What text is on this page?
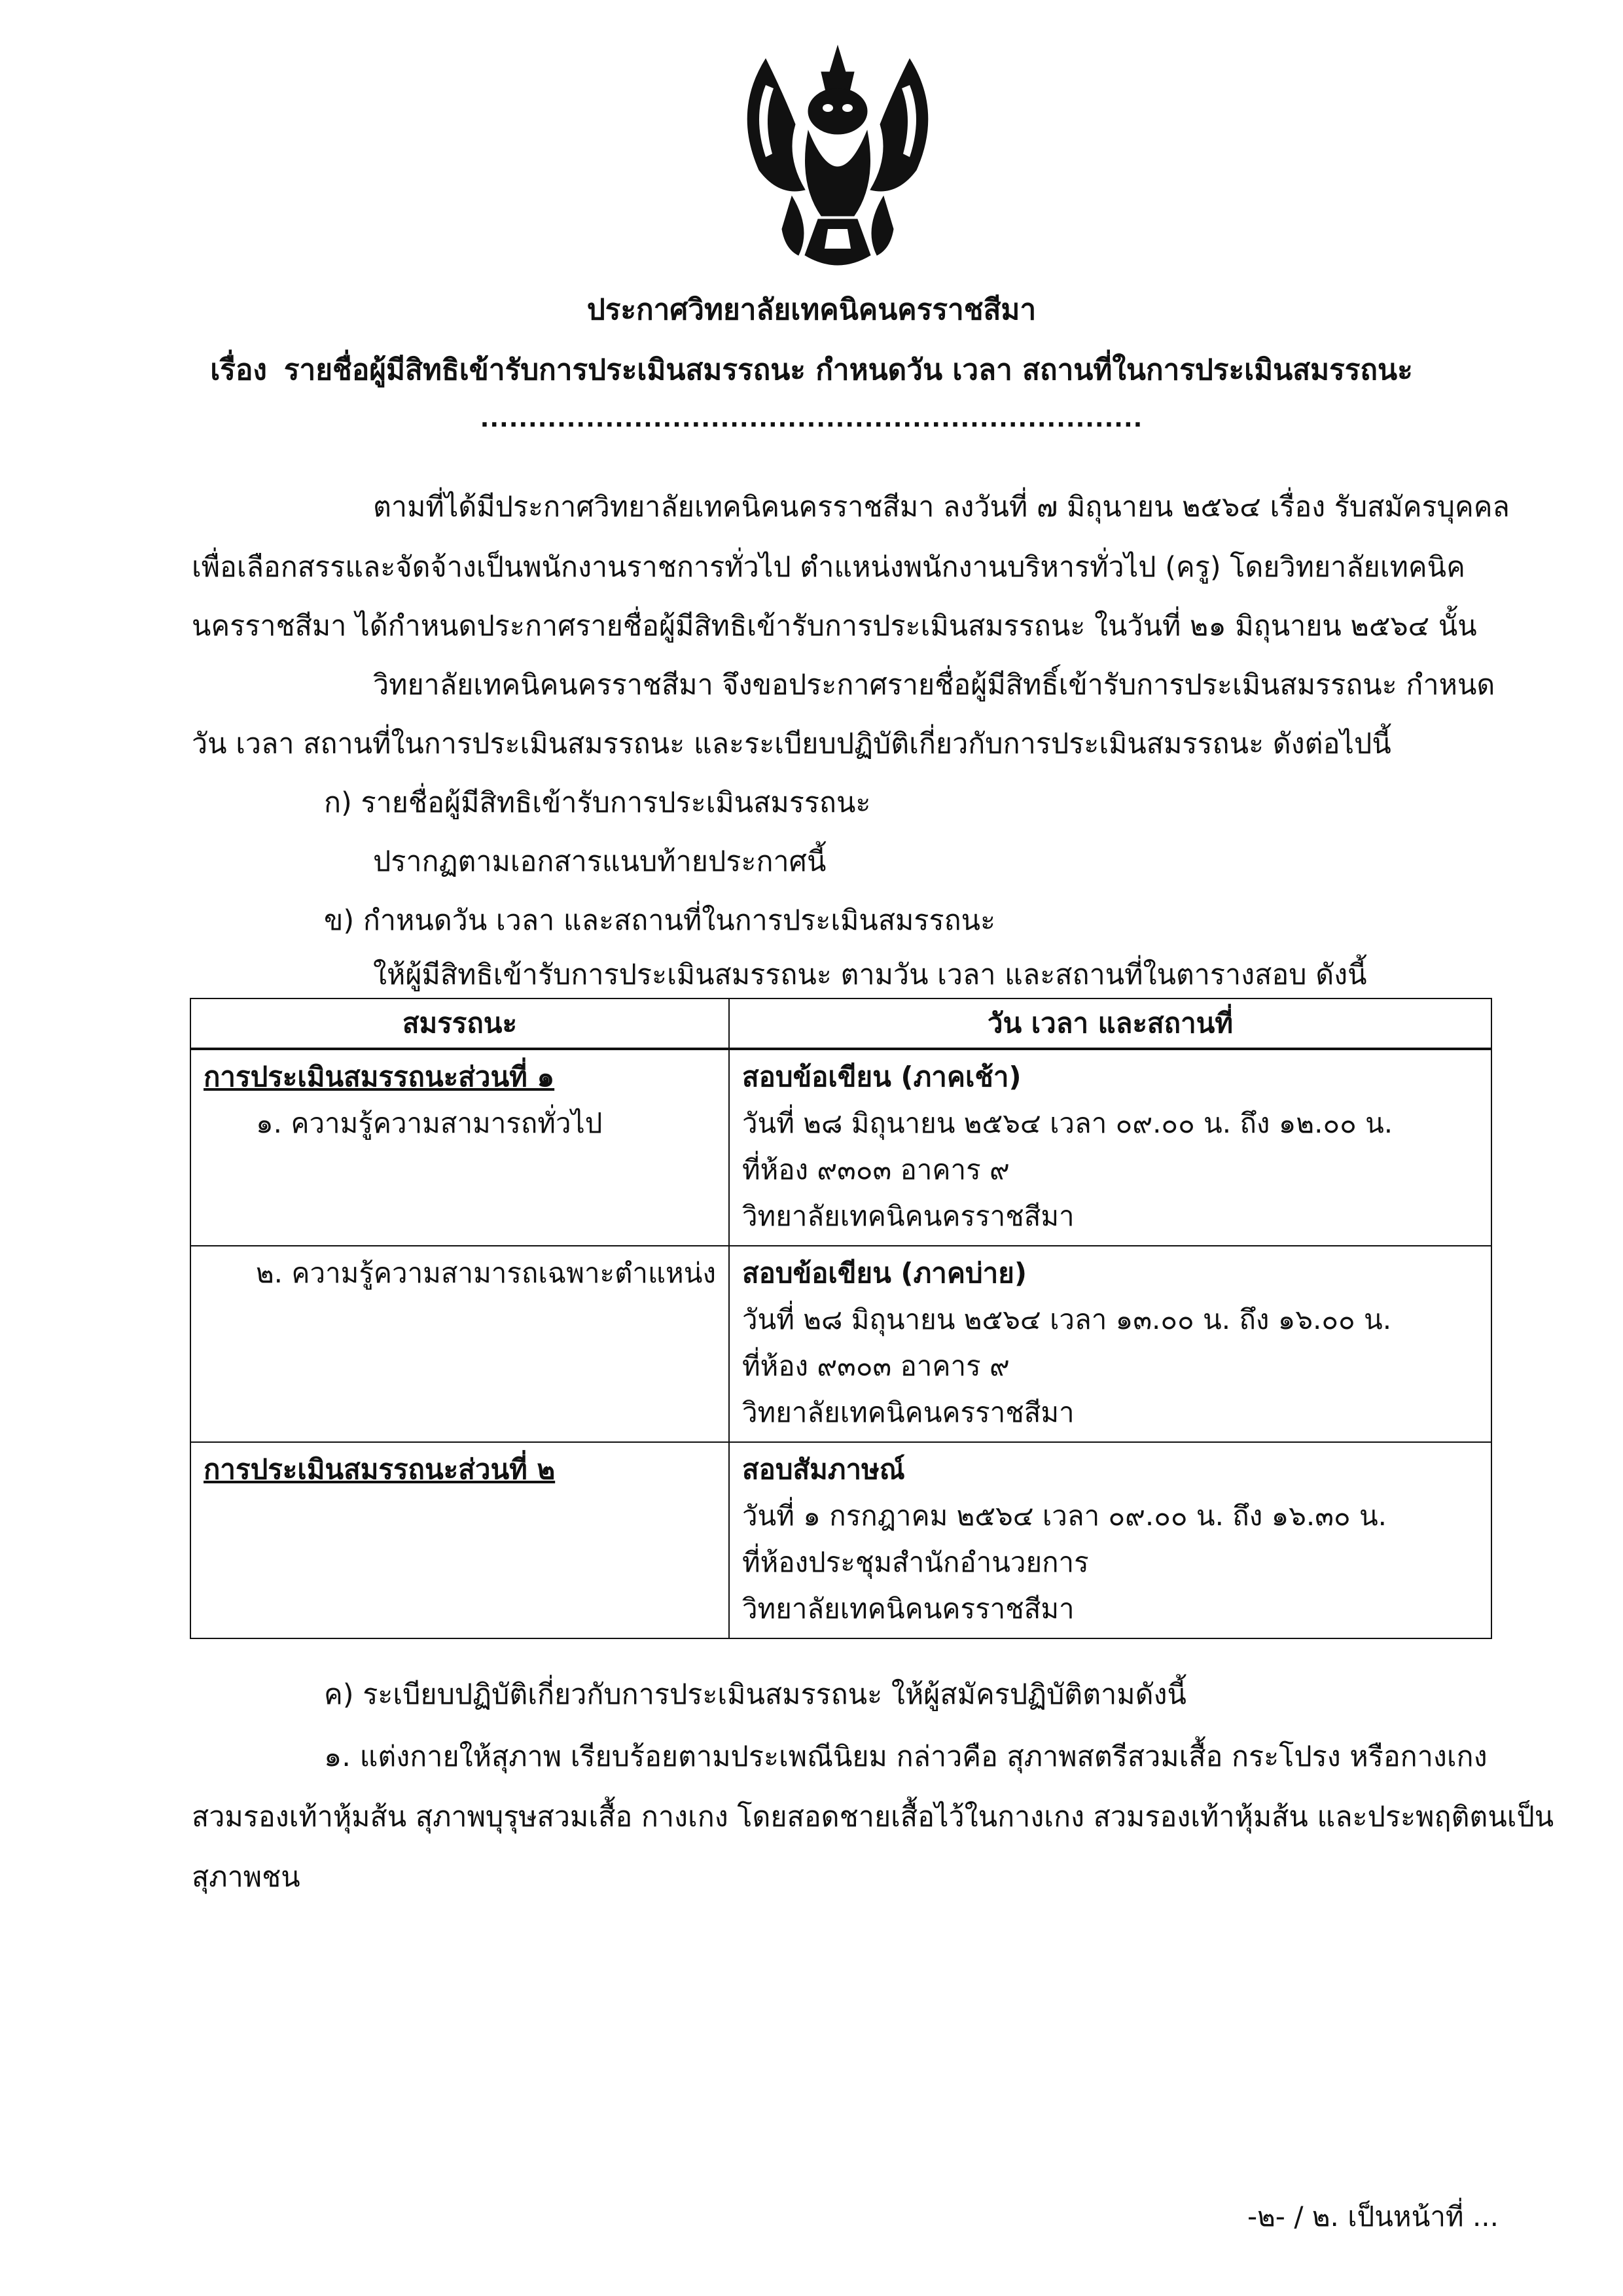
ประกาศวิทยาลัยเทคนิคนครราชสีมา
เรื่อง รายชื่อผู้มีสิทธิเข้ารับการประเมินสมรรถนะ กำหนดวัน เวลา สถานที่ในการประเมินสมรรถนะ
.....................................................................
ตามที่ได้มีประกาศวิทยาลัยเทคนิคนครราชสีมา ลงวันที่ ๗ มิถุนายน ๒๕๖๔ เรื่อง รับสมัครบุคคล
เพื่อเลือกสรรและจัดจ้างเป็นพนักงานราชการทั่วไป ตำแหน่งพนักงานบริหารทั่วไป (ครู) โดยวิทยาลัยเทคนิค
นครราชสีมา ได้กำหนดประกาศรายชื่อผู้มีสิทธิเข้ารับการประเมินสมรรถนะ ในวันที่ ๒๑ มิถุนายน ๒๕๖๔ นั้น
วิทยาลัยเทคนิคนครราชสีมา จึงขอประกาศรายชื่อผู้มีสิทธิ์เข้ารับการประเมินสมรรถนะ กำหนด
วัน เวลา สถานที่ในการประเมินสมรรถนะ และระเบียบปฏิบัติเกี่ยวกับการประเมินสมรรถนะ ดังต่อไปนี้
ก) รายชื่อผู้มีสิทธิเข้ารับการประเมินสมรรถนะ
ปรากฏตามเอกสารแนบท้ายประกาศนี้
ข) กำหนดวัน เวลา และสถานที่ในการประเมินสมรรถนะ
ให้ผู้มีสิทธิเข้ารับการประเมินสมรรถนะ ตามวัน เวลา และสถานที่ในตารางสอบ ดังนี้
สมรรถนะ	วัน เวลา และสถานที่

การประเมินสมรรถนะส่วนที่ ๑
๑. ความรู้ความสามารถทั่วไป	สอบข้อเขียน (ภาคเช้า)
วันที่ ๒๘ มิถุนายน ๒๕๖๔ เวลา ๐๙.๐๐ น. ถึง ๑๒.๐๐ น.
ที่ห้อง ๙๓๐๓ อาคาร ๙
วิทยาลัยเทคนิคนครราชสีมา

๒. ความรู้ความสามารถเฉพาะตำแหน่ง	สอบข้อเขียน (ภาคบ่าย)
วันที่ ๒๘ มิถุนายน ๒๕๖๔ เวลา ๑๓.๐๐ น. ถึง ๑๖.๐๐ น.
ที่ห้อง ๙๓๐๓ อาคาร ๙
วิทยาลัยเทคนิคนครราชสีมา

การประเมินสมรรถนะส่วนที่ ๒	สอบสัมภาษณ์
วันที่ ๑ กรกฎาคม ๒๕๖๔ เวลา ๐๙.๐๐ น. ถึง ๑๖.๓๐ น.
ที่ห้องประชุมสำนักอำนวยการ
วิทยาลัยเทคนิคนครราชสีมา
ค) ระเบียบปฏิบัติเกี่ยวกับการประเมินสมรรถนะ ให้ผู้สมัครปฏิบัติตามดังนี้
๑. แต่งกายให้สุภาพ เรียบร้อยตามประเพณีนิยม กล่าวคือ สุภาพสตรีสวมเสื้อ กระโปรง หรือกางเกง
สวมรองเท้าหุ้มส้น สุภาพบุรุษสวมเสื้อ กางเกง โดยสอดชายเสื้อไว้ในกางเกง สวมรองเท้าหุ้มส้น และประพฤติตนเป็น
สุภาพชน
-๒- / ๒. เป็นหน้าที่ ...
